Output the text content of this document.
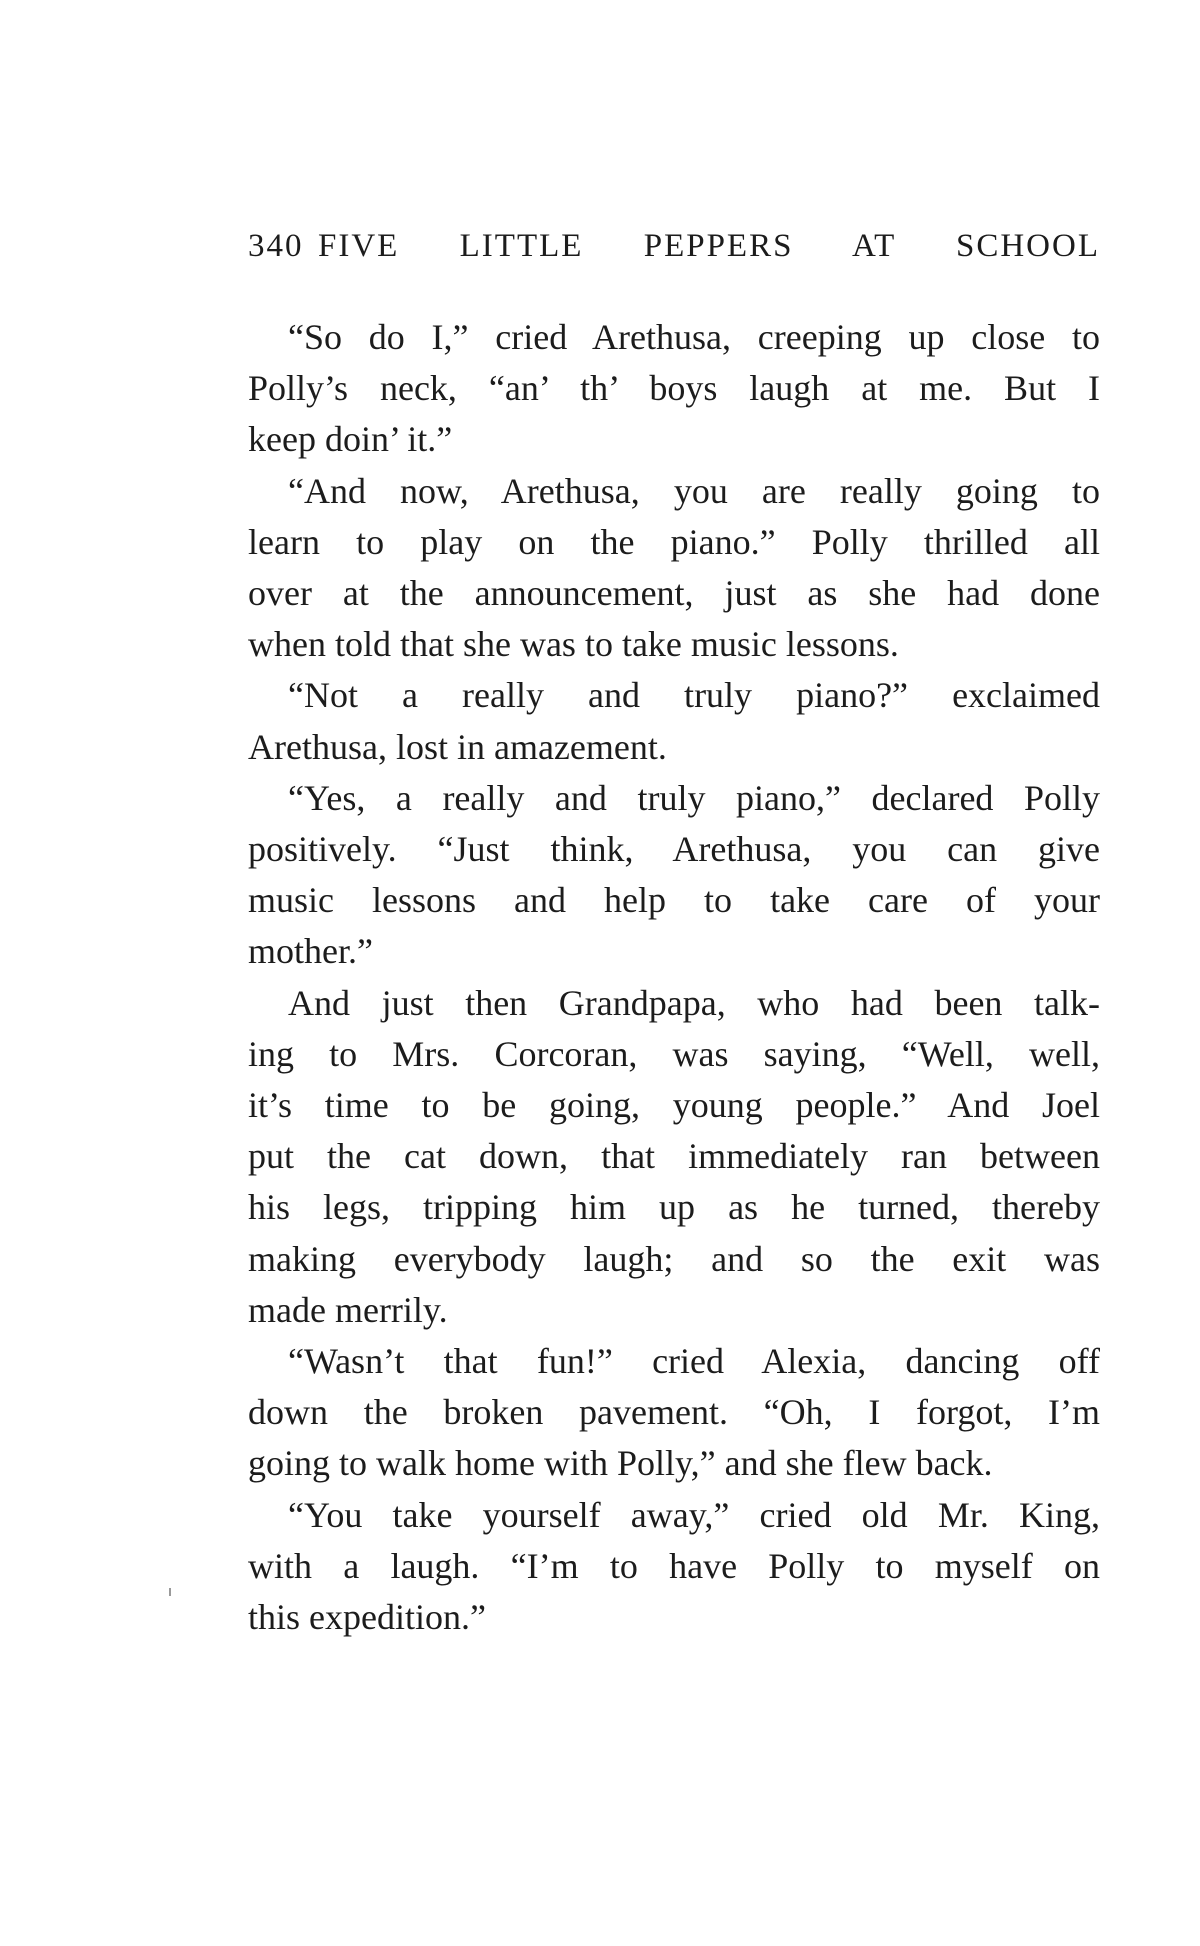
340 FIVE LITTLE PEPPERS AT SCHOOL
“So do I,” cried Arethusa, creeping up close to
Polly’s neck, “an’ th’ boys laugh at me. But I
keep doin’ it.”
“And now, Arethusa, you are really going to
learn to play on the piano.” Polly thrilled all
over at the announcement, just as she had done
when told that she was to take music lessons.
“Not a really and truly piano?” exclaimed
Arethusa, lost in amazement.
“Yes, a really and truly piano,” declared Polly
positively. “Just think, Arethusa, you can give
music lessons and help to take care of your
mother.”
And just then Grandpapa, who had been talk-
ing to Mrs. Corcoran, was saying, “Well, well,
it’s time to be going, young people.” And Joel
put the cat down, that immediately ran between
his legs, tripping him up as he turned, thereby
making everybody laugh; and so the exit was
made merrily.
“Wasn’t that fun!” cried Alexia, dancing off
down the broken pavement. “Oh, I forgot, I’m
going to walk home with Polly,” and she flew back.
“You take yourself away,” cried old Mr. King,
with a laugh. “I’m to have Polly to myself on
this expedition.”
